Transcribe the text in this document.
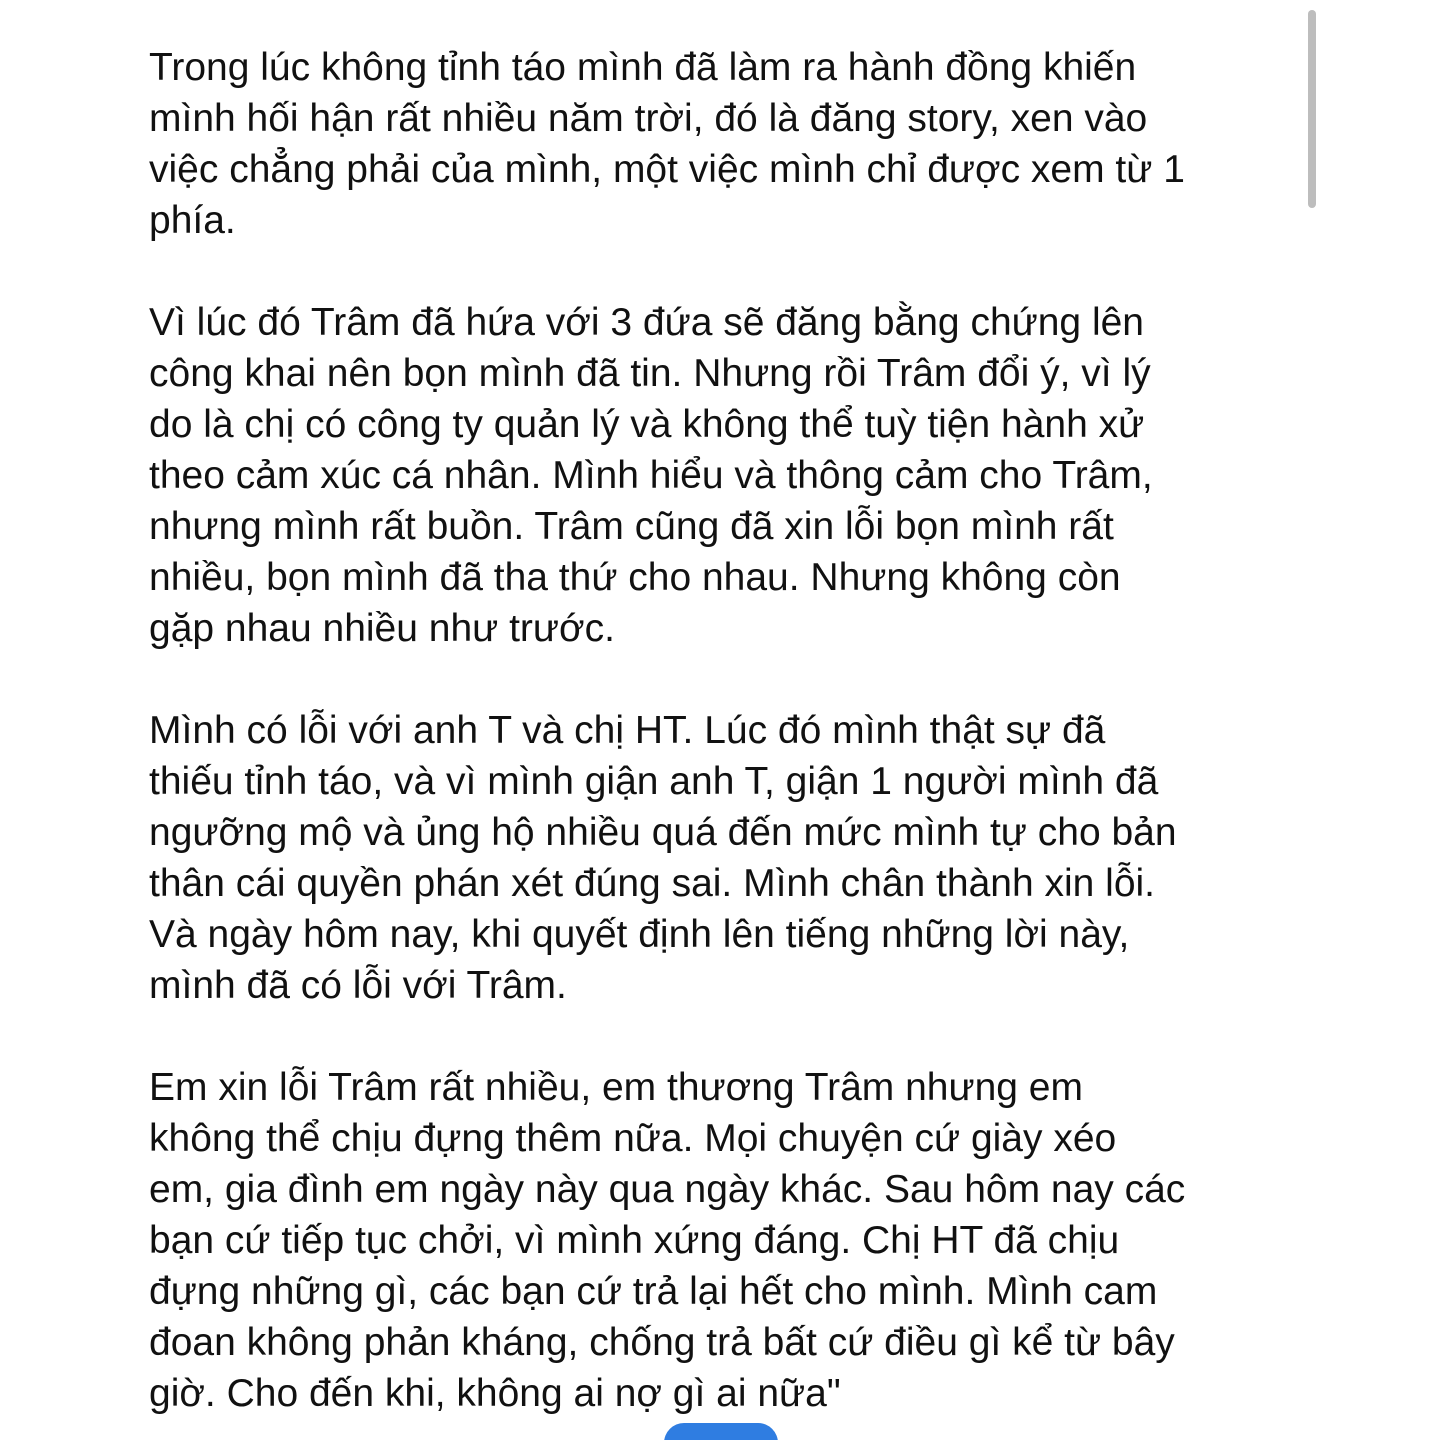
Trong lúc không tỉnh táo mình đã làm ra hành đồng khiến
mình hối hận rất nhiều năm trời, đó là đăng story, xen vào
việc chẳng phải của mình, một việc mình chỉ được xem từ 1
phía.

Vì lúc đó Trâm đã hứa với 3 đứa sẽ đăng bằng chứng lên
công khai nên bọn mình đã tin. Nhưng rồi Trâm đổi ý, vì lý
do là chị có công ty quản lý và không thể tuỳ tiện hành xử
theo cảm xúc cá nhân. Mình hiểu và thông cảm cho Trâm,
nhưng mình rất buồn. Trâm cũng đã xin lỗi bọn mình rất
nhiều, bọn mình đã tha thứ cho nhau. Nhưng không còn
gặp nhau nhiều như trước.

Mình có lỗi với anh T và chị HT. Lúc đó mình thật sự đã
thiếu tỉnh táo, và vì mình giận anh T, giận 1 người mình đã
ngưỡng mộ và ủng hộ nhiều quá đến mức mình tự cho bản
thân cái quyền phán xét đúng sai. Mình chân thành xin lỗi.
Và ngày hôm nay, khi quyết định lên tiếng những lời này,
mình đã có lỗi với Trâm.

Em xin lỗi Trâm rất nhiều, em thương Trâm nhưng em
không thể chịu đựng thêm nữa. Mọi chuyện cứ giày xéo
em, gia đình em ngày này qua ngày khác. Sau hôm nay các
bạn cứ tiếp tục chởi, vì mình xứng đáng. Chị HT đã chịu
đựng những gì, các bạn cứ trả lại hết cho mình. Mình cam
đoan không phản kháng, chống trả bất cứ điều gì kể từ bây
giờ. Cho đến khi, không ai nợ gì ai nữa"
